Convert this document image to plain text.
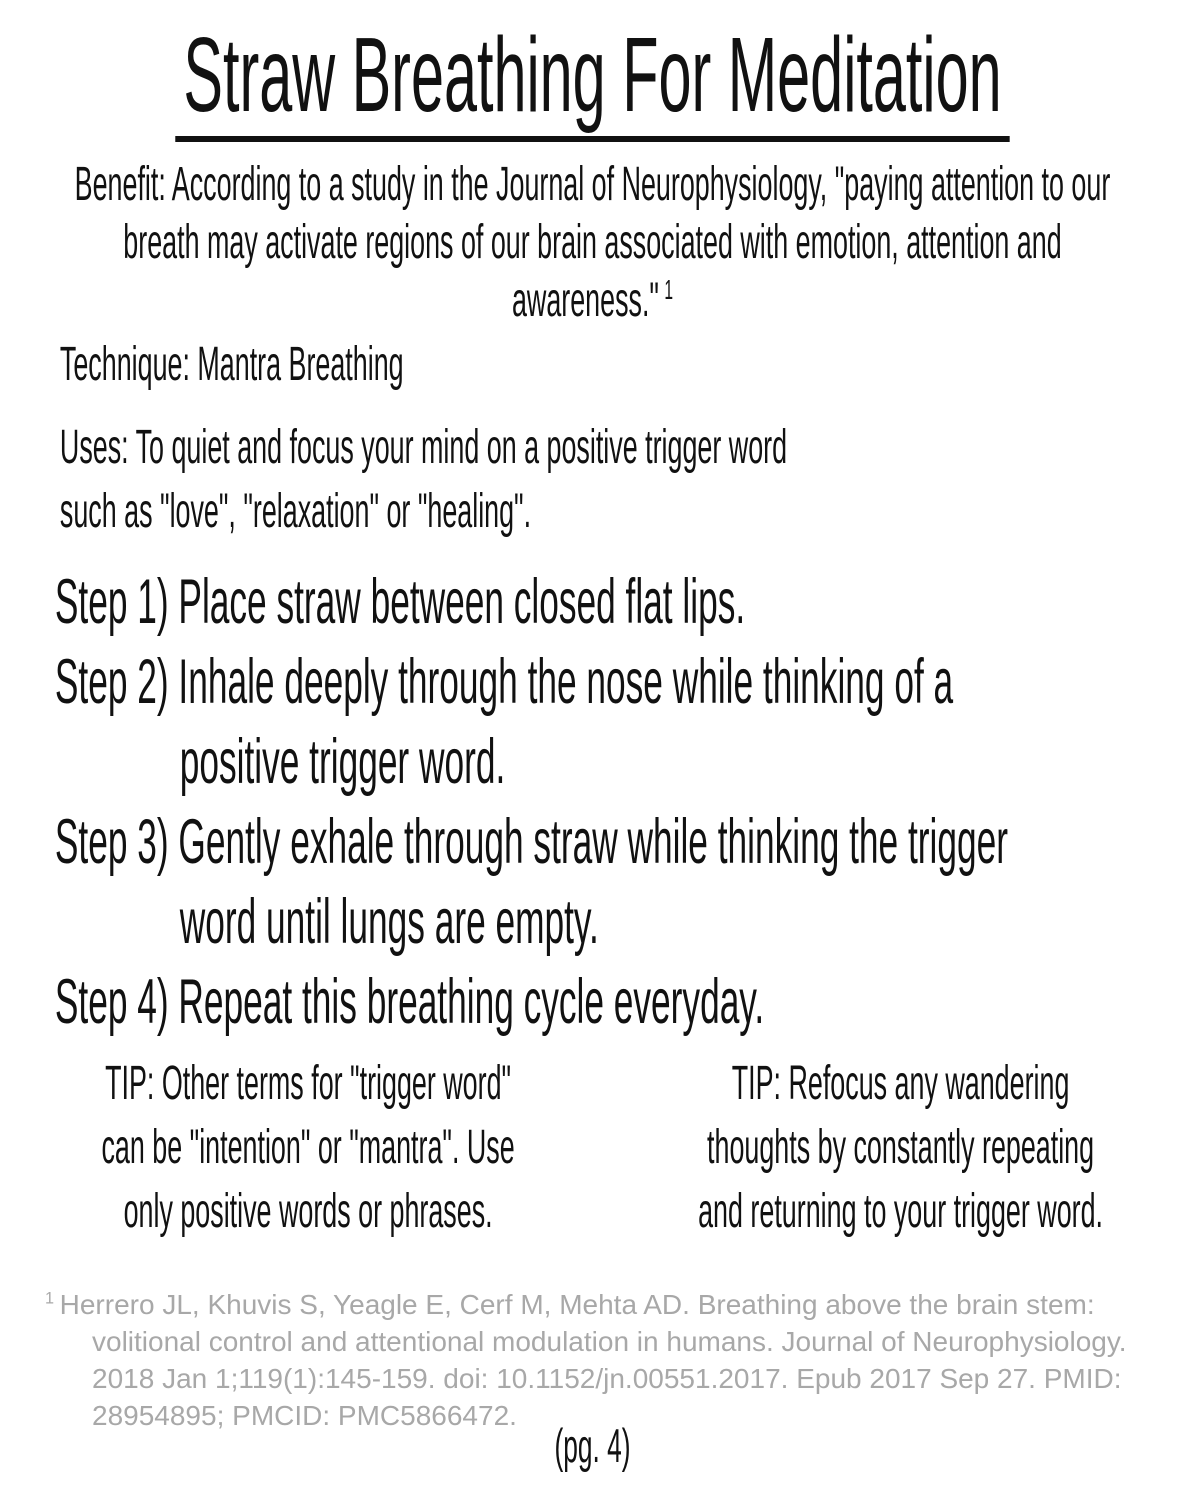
Straw Breathing For Meditation
Benefit: According to a study in the Journal of Neurophysiology, "paying attention to our
breath may activate regions of our brain associated with emotion, attention and
awareness."  $^1$
Technique: Mantra Breathing
Uses: To quiet and focus your mind on a positive trigger word
such as "love", "relaxation" or "healing".
Step 1) Place straw between closed flat lips.
Step 2) Inhale deeply through the nose while thinking of a
positive trigger word.
Step 3) Gently exhale through straw while thinking the trigger
word until lungs are empty.
Step 4) Repeat this breathing cycle everyday.
TIP: Other terms for "trigger word"
can be "intention" or "mantra". Use
only positive words or phrases.
TIP: Refocus any wandering
thoughts by constantly repeating
and returning to your trigger word.
$^1$  Herrero JL, Khuvis S, Yeagle E, Cerf M, Mehta AD. Breathing above the brain stem:
volitional control and attentional modulation in humans. Journal of Neurophysiology.
2018 Jan 1;119(1):145-159. doi: 10.1152/jn.00551.2017. Epub 2017 Sep 27. PMID:
28954895; PMCID: PMC5866472.
(pg. 4)
